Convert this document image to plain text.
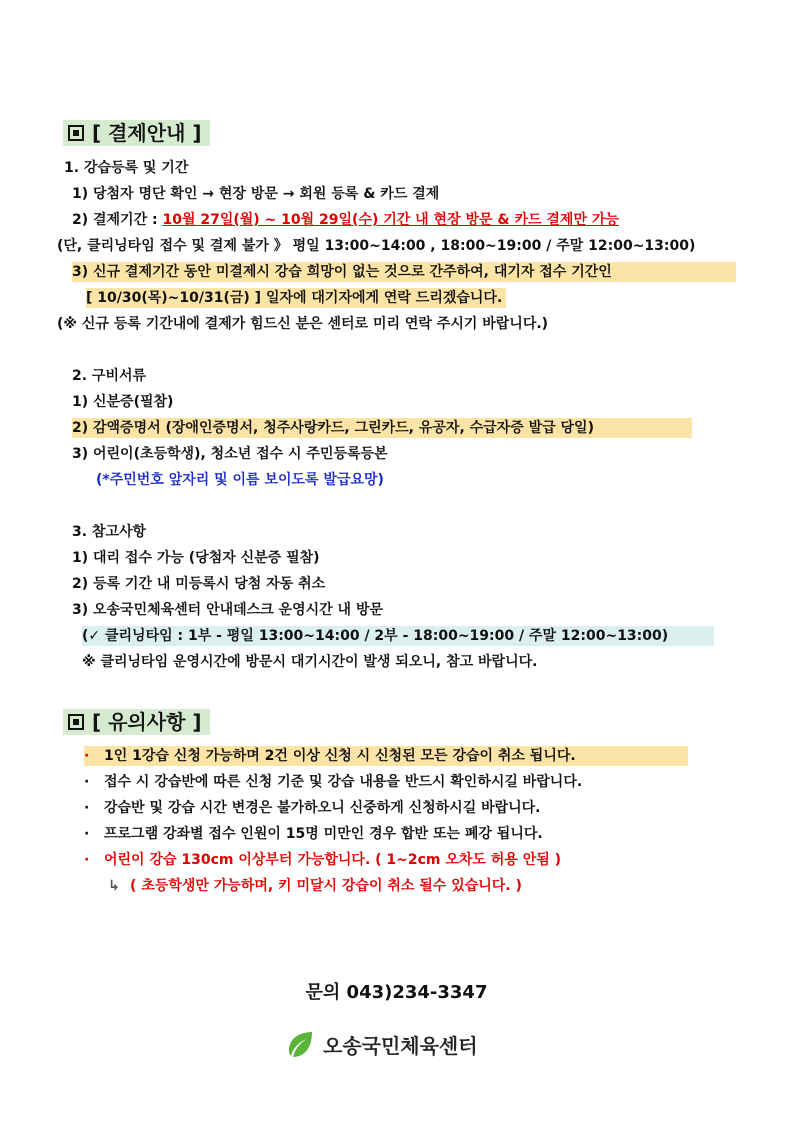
[ 결제안내 ]
1. 강습등록 및 기간
1) 당첨자 명단 확인 → 현장 방문 → 회원 등록 & 카드 결제
2) 결제기간 : 10월 27일(월) ~ 10월 29일(수) 기간 내 현장 방문 & 카드 결제만 가능
(단, 클리닝타임 접수 및 결제 불가 》 평일 13:00~14:00 , 18:00~19:00 / 주말 12:00~13:00)
3) 신규 결제기간 동안 미결제시 강습 희망이 없는 것으로 간주하여, 대기자 접수 기간인
[ 10/30(목)~10/31(금) ] 일자에 대기자에게 연락 드리겠습니다.
(※ 신규 등록 기간내에 결제가 힘드신 분은 센터로 미리 연락 주시기 바랍니다.)
2. 구비서류
1) 신분증(필참)
2) 감액증명서 (장애인증명서, 청주사랑카드, 그린카드, 유공자, 수급자증 발급 당일)
3) 어린이(초등학생), 청소년 접수 시 주민등록등본
(*주민번호 앞자리 및 이름 보이도록 발급요망)
3. 참고사항
1) 대리 접수 가능 (당첨자 신분증 필참)
2) 등록 기간 내 미등록시 당첨 자동 취소
3) 오송국민체육센터 안내데스크 운영시간 내 방문
(✓ 클리닝타임 : 1부 - 평일 13:00~14:00 / 2부 - 18:00~19:00 / 주말 12:00~13:00)
※ 클리닝타임 운영시간에 방문시 대기시간이 발생 되오니, 참고 바랍니다.
[ 유의사항 ]
· 1인 1강습 신청 가능하며 2건 이상 신청 시 신청된 모든 강습이 취소 됩니다.
· 접수 시 강습반에 따른 신청 기준 및 강습 내용을 반드시 확인하시길 바랍니다.
· 강습반 및 강습 시간 변경은 불가하오니 신중하게 신청하시길 바랍니다.
· 프로그램 강좌별 접수 인원이 15명 미만인 경우 합반 또는 폐강 됩니다.
· 어린이 강습 130cm 이상부터 가능합니다. ( 1~2cm 오차도 허용 안됨 )
↳ ( 초등학생만 가능하며, 키 미달시 강습이 취소 될수 있습니다. )
문의 043)234-3347
오송국민체육센터
